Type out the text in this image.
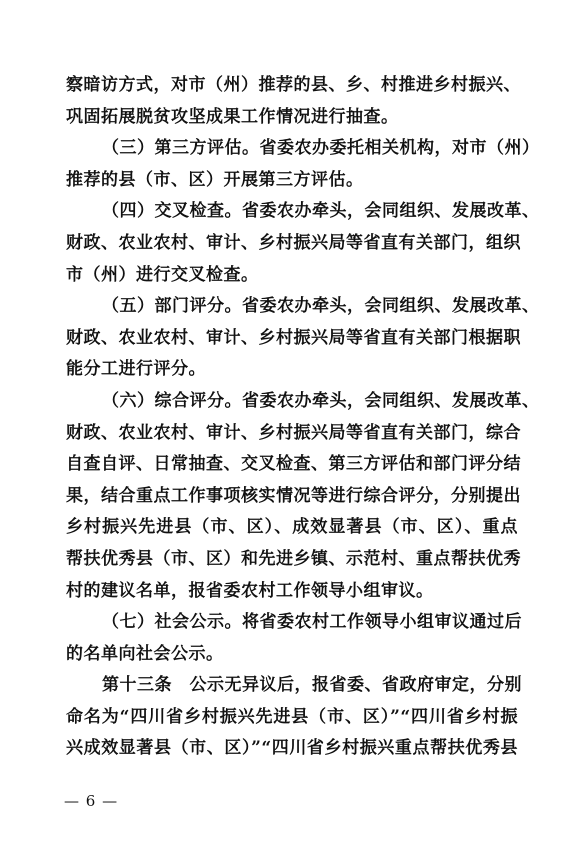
察暗访方式，对市（州）推荐的县、乡、村推进乡村振兴、
巩固拓展脱贫攻坚成果工作情况进行抽查。
（三）第三方评估。省委农办委托相关机构，对市（州）
推荐的县（市、区）开展第三方评估。
（四）交叉检查。省委农办牵头，会同组织、发展改革、
财政、农业农村、审计、乡村振兴局等省直有关部门，组织
市（州）进行交叉检查。
（五）部门评分。省委农办牵头，会同组织、发展改革、
财政、农业农村、审计、乡村振兴局等省直有关部门根据职
能分工进行评分。
（六）综合评分。省委农办牵头，会同组织、发展改革、
财政、农业农村、审计、乡村振兴局等省直有关部门，综合
自查自评、日常抽查、交叉检查、第三方评估和部门评分结
果，结合重点工作事项核实情况等进行综合评分，分别提出
乡村振兴先进县（市、区）、成效显著县（市、区）、重点
帮扶优秀县（市、区）和先进乡镇、示范村、重点帮扶优秀
村的建议名单，报省委农村工作领导小组审议。
（七）社会公示。将省委农村工作领导小组审议通过后
的名单向社会公示。
第十三条　公示无异议后，报省委、省政府审定，分别
命名为“四川省乡村振兴先进县（市、区）”“四川省乡村振
兴成效显著县（市、区）”“四川省乡村振兴重点帮扶优秀县
— 6 —
